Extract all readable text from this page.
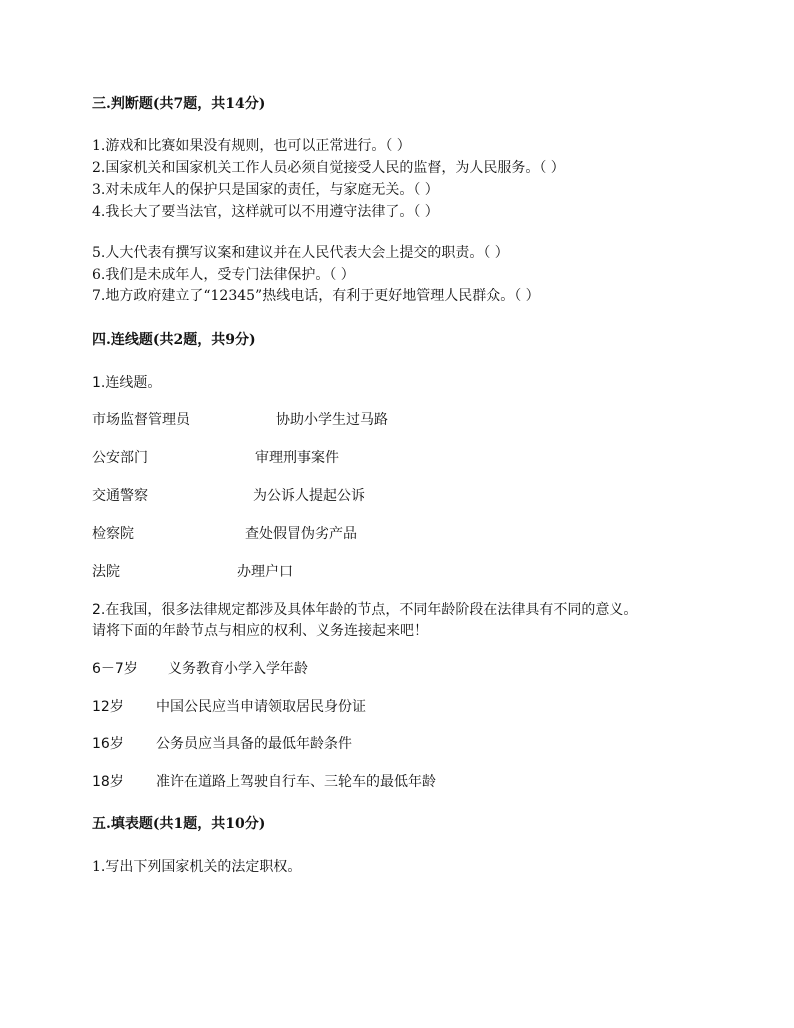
三.判断题(共7题，共14分)
1.游戏和比赛如果没有规则，也可以正常进行。（ ）
2.国家机关和国家机关工作人员必须自觉接受人民的监督，为人民服务。（ ）
3.对未成年人的保护只是国家的责任，与家庭无关。（ ）
4.我长大了要当法官，这样就可以不用遵守法律了。（ ）
5.人大代表有撰写议案和建议并在人民代表大会上提交的职责。（ ）
6.我们是未成年人，受专门法律保护。（ ）
7.地方政府建立了“12345”热线电话，有利于更好地管理人民群众。（ ）
四.连线题(共2题，共9分)
1.连线题。
市场监督管理员	协助小学生过马路
公安部门	审理刑事案件
交通警察	为公诉人提起公诉
检察院	查处假冒伪劣产品
法院	办理户口
2.在我国，很多法律规定都涉及具体年龄的节点，不同年龄阶段在法律具有不同的意义。
请将下面的年龄节点与相应的权利、义务连接起来吧！
6－7岁 义务教育小学入学年龄
12岁 中国公民应当申请领取居民身份证
16岁 公务员应当具备的最低年龄条件
18岁 准许在道路上驾驶自行车、三轮车的最低年龄
五.填表题(共1题，共10分)
1.写出下列国家机关的法定职权。
